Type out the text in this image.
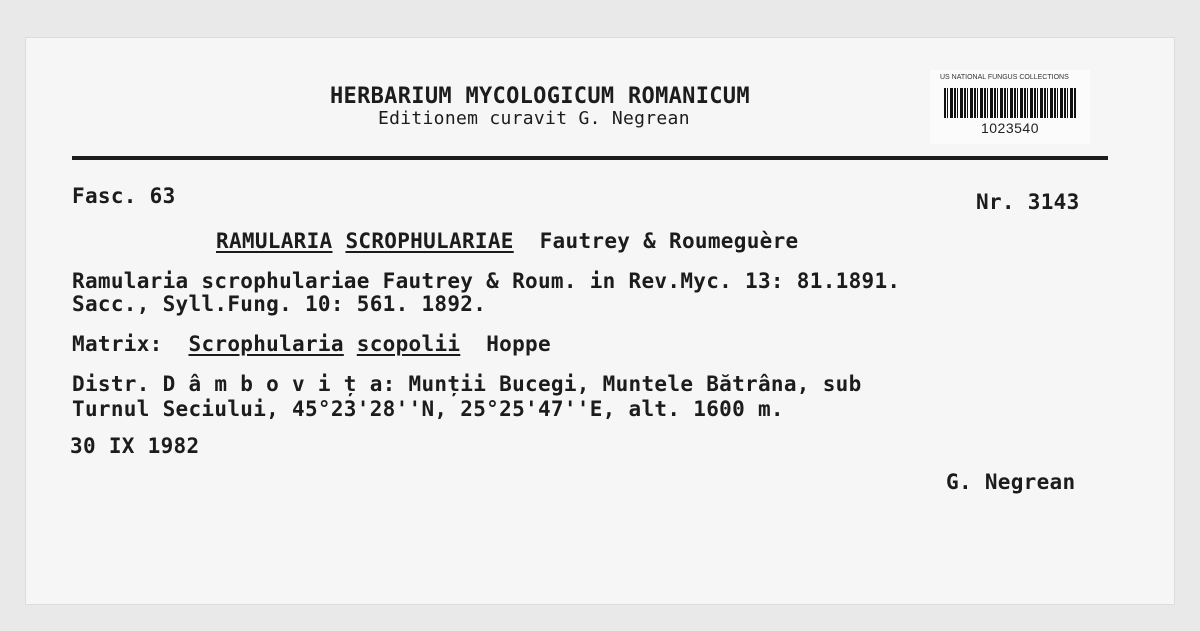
HERBARIUM MYCOLOGICUM ROMANICUM
Editionem curavit G. Negrean
US NATIONAL FUNGUS COLLECTIONS
1023540
Fasc. 63	Nr. 3143
RAMULARIA SCROPHULARIAE Fautrey & Roumeguère
Ramularia scrophulariae Fautrey & Roum. in Rev.Myc. 13: 81.1891.
Sacc., Syll.Fung. 10: 561. 1892.
Matrix: Scrophularia scopolii Hoppe
Distr. D â m b o v i ț a: Munții Bucegi, Muntele Bătrâna, sub
Turnul Seciului, 45°23'28''N, 25°25'47''E, alt. 1600 m.
30 IX 1982
G. Negrean
